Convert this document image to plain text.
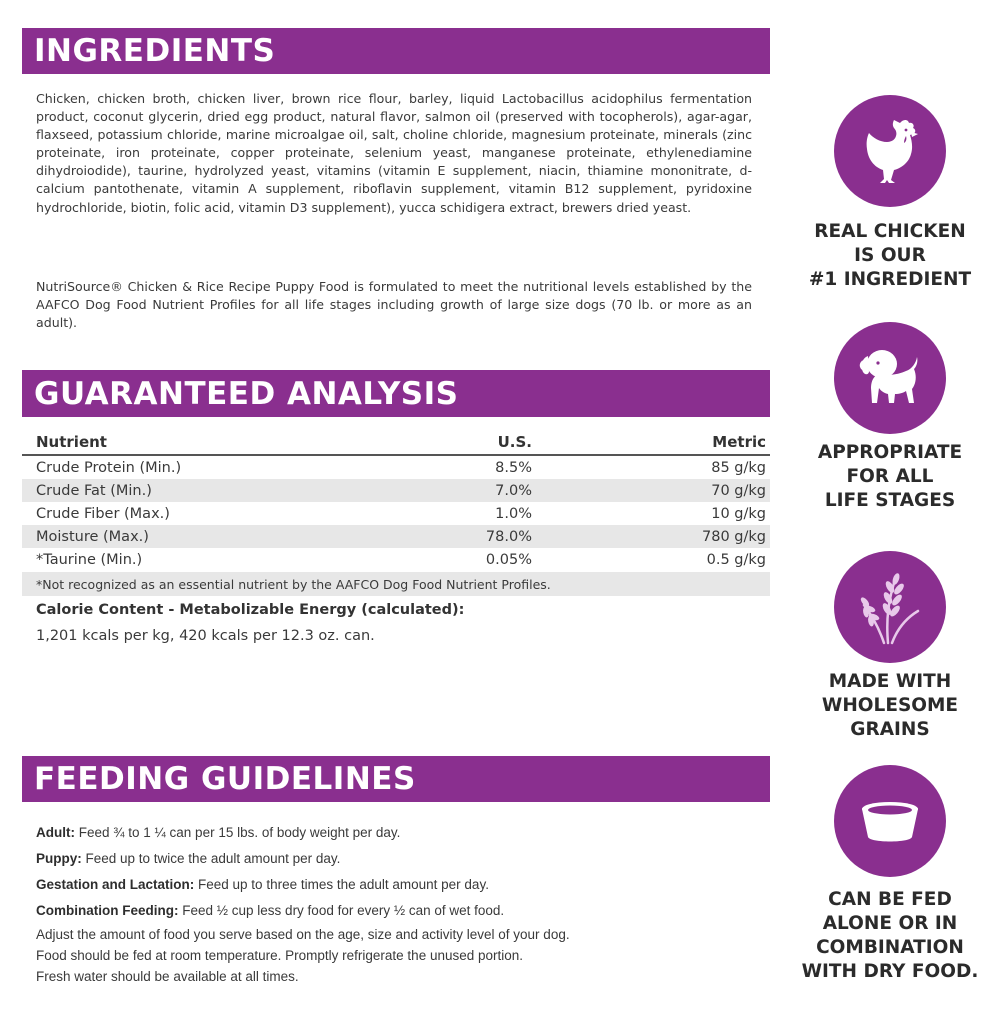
INGREDIENTS

Chicken, chicken broth, chicken liver, brown rice flour, barley, liquid Lactobacillus acidophilus fermentation product, coconut glycerin, dried egg product, natural flavor, salmon oil (preserved with tocopherols), agar-agar, flaxseed, potassium chloride, marine microalgae oil, salt, choline chloride, magnesium proteinate, minerals (zinc proteinate, iron proteinate, copper proteinate, selenium yeast, manganese proteinate, ethylenediamine dihydroiodide), taurine, hydrolyzed yeast, vitamins (vitamin E supplement, niacin, thiamine mononitrate, d-calcium pantothenate, vitamin A supplement, riboflavin supplement, vitamin B12 supplement, pyridoxine hydrochloride, biotin, folic acid, vitamin D3 supplement), yucca schidigera extract, brewers dried yeast.

NutriSource® Chicken & Rice Recipe Puppy Food is formulated to meet the nutritional levels established by the AAFCO Dog Food Nutrient Profiles for all life stages including growth of large size dogs (70 lb. or more as an adult).

GUARANTEED ANALYSIS
Nutrient	U.S.	Metric
Crude Protein (Min.)	8.5%	85 g/kg
Crude Fat (Min.)	7.0%	70 g/kg
Crude Fiber (Max.)	1.0%	10 g/kg
Moisture (Max.)	78.0%	780 g/kg
*Taurine (Min.)	0.05%	0.5 g/kg
*Not recognized as an essential nutrient by the AAFCO Dog Food Nutrient Profiles.

Calorie Content - Metabolizable Energy (calculated):

1,201 kcals per kg, 420 kcals per 12.3 oz. can.

FEEDING GUIDELINES
Adult: Feed ¾ to 1 ¼ can per 15 lbs. of body weight per day.
Puppy: Feed up to twice the adult amount per day.
Gestation and Lactation: Feed up to three times the adult amount per day.
Combination Feeding: Feed ½ cup less dry food for every ½ can of wet food.
Adjust the amount of food you serve based on the age, size and activity level of your dog.
Food should be fed at room temperature. Promptly refrigerate the unused portion.
Fresh water should be available at all times.
REAL CHICKEN
IS OUR
#1 INGREDIENT
APPROPRIATE
FOR ALL
LIFE STAGES
MADE WITH
WHOLESOME
GRAINS
CAN BE FED
ALONE OR IN
COMBINATION
WITH DRY FOOD.
